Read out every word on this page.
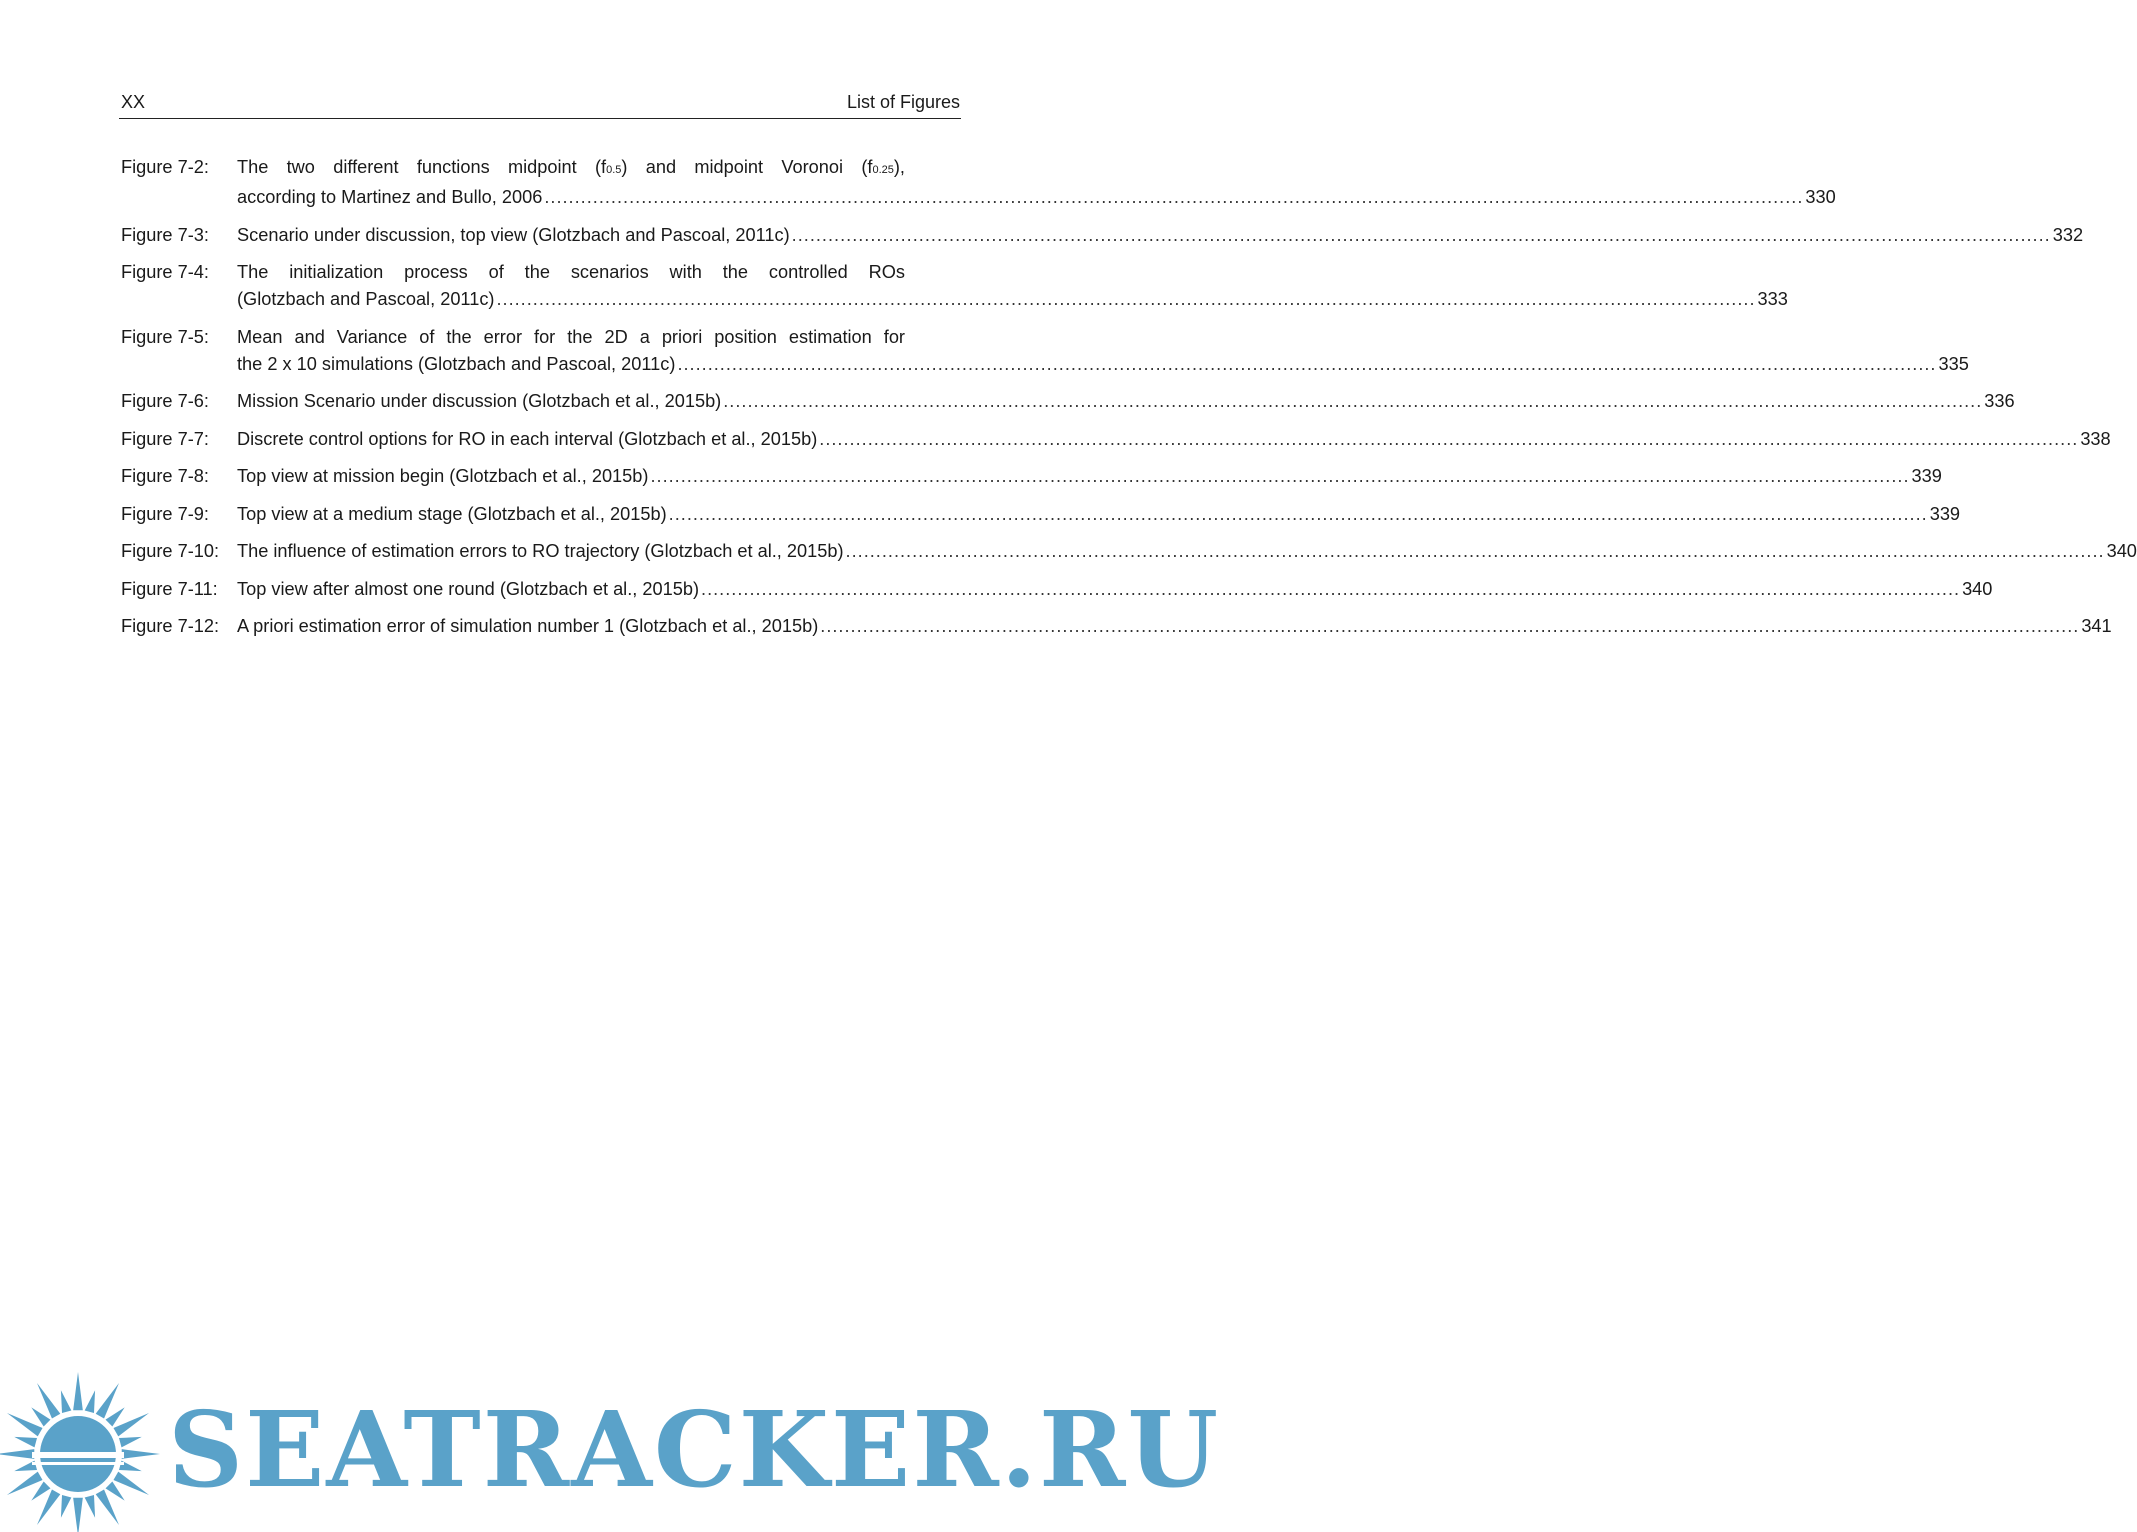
XX	List of Figures
Figure 7-2:	The two different functions midpoint (f0.5) and midpoint Voronoi (f0.25),
according to Martinez and Bullo, 2006 .....	330
Figure 7-3:	Scenario under discussion, top view (Glotzbach and Pascoal, 2011c) .....	332
Figure 7-4:	The initialization process of the scenarios with the controlled ROs
(Glotzbach and Pascoal, 2011c) .....	333
Figure 7-5:	Mean and Variance of the error for the 2D a priori position estimation for
the 2 x 10 simulations (Glotzbach and Pascoal, 2011c) .....	335
Figure 7-6:	Mission Scenario under discussion (Glotzbach et al., 2015b) .....	336
Figure 7-7:	Discrete control options for RO in each interval (Glotzbach et al., 2015b) .....	338
Figure 7-8:	Top view at mission begin (Glotzbach et al., 2015b) .....	339
Figure 7-9:	Top view at a medium stage (Glotzbach et al., 2015b) .....	339
Figure 7-10: The influence of estimation errors to RO trajectory (Glotzbach et al., 2015b) .....	340
Figure 7-11:	Top view after almost one round (Glotzbach et al., 2015b) .....	340
Figure 7-12: A priori estimation error of simulation number 1 (Glotzbach et al., 2015b) .....	341
SEATRACKER.RU
